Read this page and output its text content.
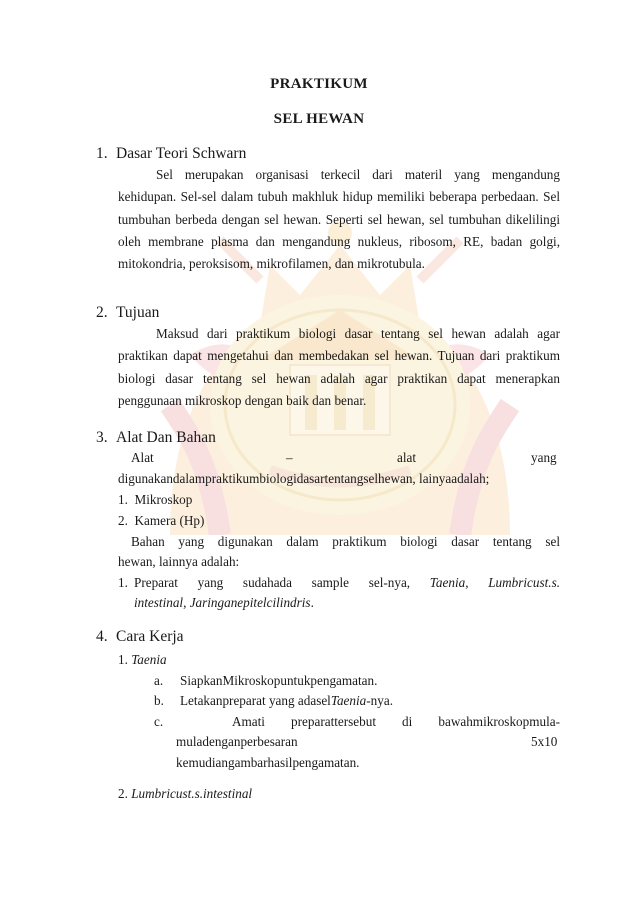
PRAKTIKUM
SEL HEWAN
1. Dasar Teori Schwarn
Sel merupakan organisasi terkecil dari materil yang mengandung kehidupan. Sel-sel dalam tubuh makhluk hidup memiliki beberapa perbedaan. Sel tumbuhan berbeda dengan sel hewan. Seperti sel hewan, sel tumbuhan dikelilingi oleh membrane plasma dan mengandung nukleus, ribosom, RE, badan golgi, mitokondria, peroksisom, mikrofilamen, dan mikrotubula.
2. Tujuan
Maksud dari praktikum biologi dasar tentang sel hewan adalah agar praktikan dapat mengetahui dan membedakan sel hewan. Tujuan dari praktikum biologi dasar tentang sel hewan adalah agar praktikan dapat menerapkan penggunaan mikroskop dengan baik dan benar.
3. Alat Dan Bahan
Alat	–	alat	yang
digunakandalampraktikumbiologidasartentangselhewan, lainyaadalah;
1. Mikroskop
2. Kamera (Hp)
Bahan yang digunakan dalam praktikum biologi dasar tentang sel
hewan, lainnya adalah:
1. Preparat yang sudahada sample sel-nya, Taenia, Lumbricust.s.
intestinal, Jaringanepitelcilindris.
4. Cara Kerja
1. Taenia
a. SiapkanMikroskopuntukpengamatan.
b. Letakanpreparat yang adaselTaenia-nya.
c.	Amati preparattersebut di bawahmikroskopmula-
muladenganperbesaran	5x10
kemudiangambarhasilpengamatan.
2. Lumbricust.s.intestinal
